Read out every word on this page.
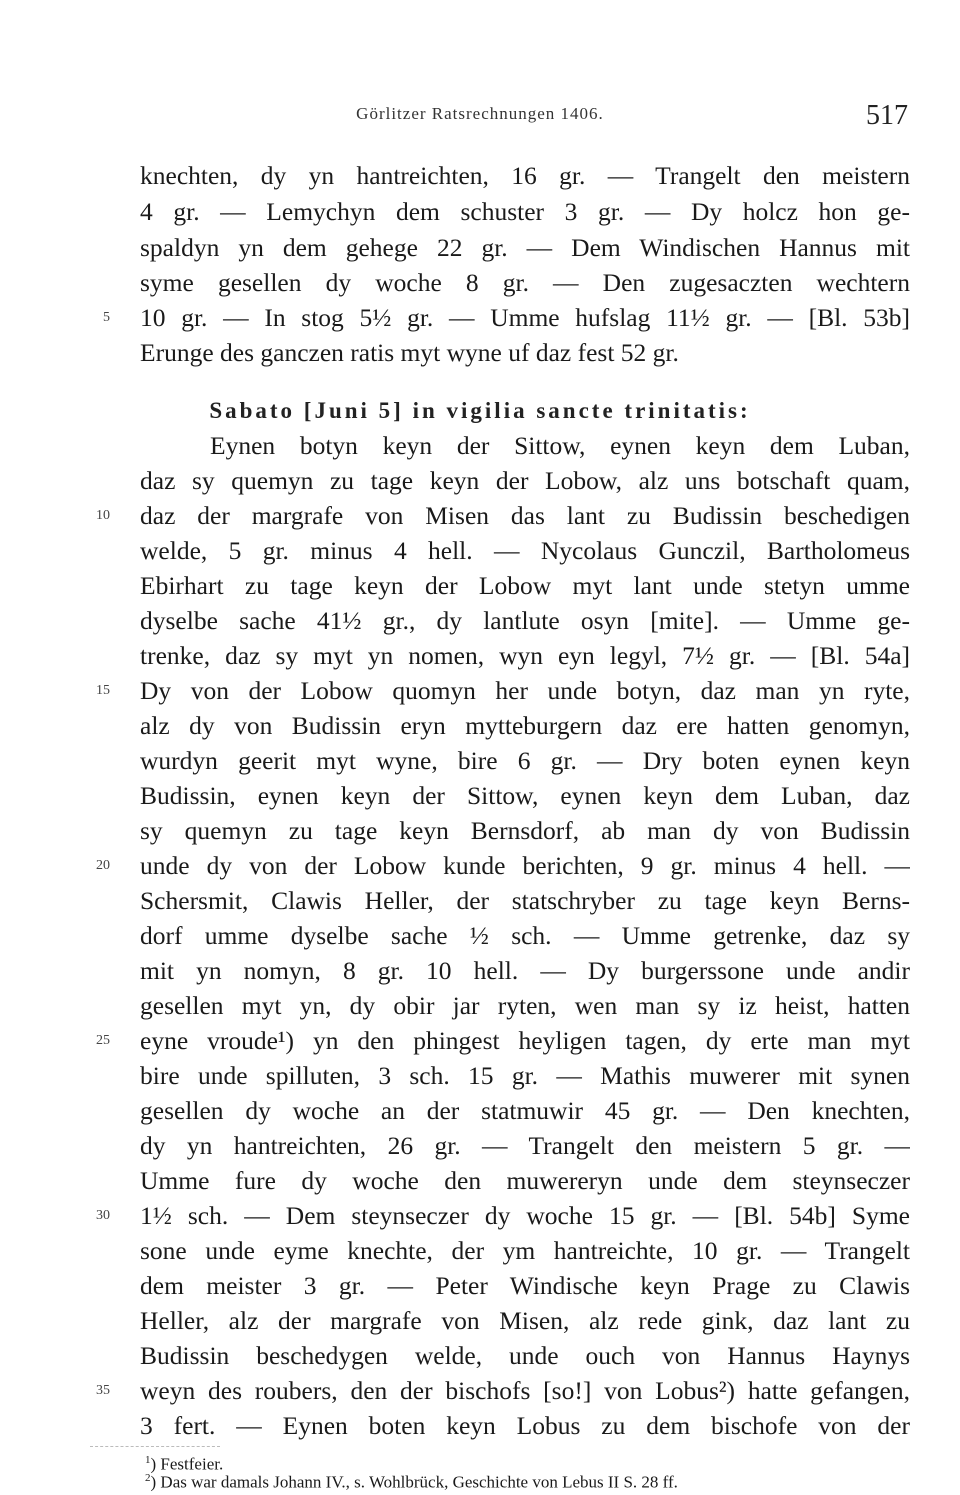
Görlitzer Ratsrechnungen 1406.	517
knechten, dy yn hantreichten, 16 gr. — Trangelt den meistern
4 gr. — Lemychyn dem schuster 3 gr. — Dy holcz hon ge-
spaldyn yn dem gehege 22 gr. — Dem Windischen Hannus mit
syme gesellen dy woche 8 gr. — Den zugesaczten wechtern
5 10 gr. — In stog 5½ gr. — Umme hufslag 11½ gr. — [Bl. 53b]
Erunge des ganczen ratis myt wyne uf daz fest 52 gr.
Sabato [Juni 5] in vigilia sancte trinitatis:
Eynen botyn keyn der Sittow, eynen keyn dem Luban,
daz sy quemyn zu tage keyn der Lobow, alz uns botschaft quam,
10 daz der margrafe von Misen das lant zu Budissin beschedigen
welde, 5 gr. minus 4 hell. — Nycolaus Gunczil, Bartholomeus
Ebirhart zu tage keyn der Lobow myt lant unde stetyn umme
dyselbe sache 41½ gr., dy lantlute osyn [mite]. — Umme ge-
trenke, daz sy myt yn nomen, wyn eyn legyl, 7½ gr. — [Bl. 54a]
15 Dy von der Lobow quomyn her unde botyn, daz man yn ryte,
alz dy von Budissin eryn mytteburgern daz ere hatten genomyn,
wurdyn geerit myt wyne, bire 6 gr. — Dry boten eynen keyn
Budissin, eynen keyn der Sittow, eynen keyn dem Luban, daz
sy quemyn zu tage keyn Bernsdorf, ab man dy von Budissin
20 unde dy von der Lobow kunde berichten, 9 gr. minus 4 hell. —
Schersmit, Clawis Heller, der statschryber zu tage keyn Berns-
dorf umme dyselbe sache ½ sch. — Umme getrenke, daz sy
mit yn nomyn, 8 gr. 10 hell. — Dy burgerssone unde andir
gesellen myt yn, dy obir jar ryten, wen man sy iz heist, hatten
25 eyne vroude¹) yn den phingest heyligen tagen, dy erte man myt
bire unde spilluten, 3 sch. 15 gr. — Mathis muwerer mit synen
gesellen dy woche an der statmuwir 45 gr. — Den knechten,
dy yn hantreichten, 26 gr. — Trangelt den meistern 5 gr. —
Umme fure dy woche den muwereryn unde dem steynseczer
30 1½ sch. — Dem steynseczer dy woche 15 gr. — [Bl. 54b] Syme
sone unde eyme knechte, der ym hantreichte, 10 gr. — Trangelt
dem meister 3 gr. — Peter Windische keyn Prage zu Clawis
Heller, alz der margrafe von Misen, alz rede gink, daz lant zu
Budissin beschedygen welde, unde ouch von Hannus Haynys
35 weyn des roubers, den der bischofs [so!] von Lobus²) hatte gefangen,
3 fert. — Eynen boten keyn Lobus zu dem bischofe von der
$^1$) Festfeier.
$^2$) Das war damals Johann IV., s. Wohlbrück, Geschichte von Lebus II S. 28 ff.
